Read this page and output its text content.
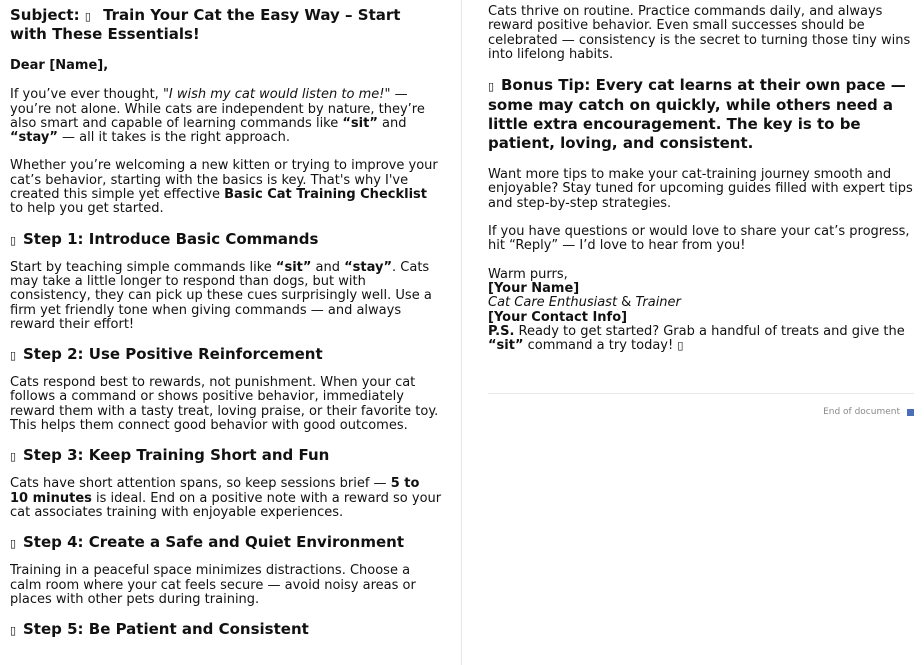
Subject: ▯ Train Your Cat the Easy Way – Start with These Essentials!

Dear [Name],

If you’ve ever thought, "I wish my cat would listen to me!" — you’re not alone. While cats are independent by nature, they’re also smart and capable of learning commands like “sit” and “stay” — all it takes is the right approach.

Whether you’re welcoming a new kitten or trying to improve your cat’s behavior, starting with the basics is key. That's why I've created this simple yet effective Basic Cat Training Checklist to help you get started.

▯ Step 1: Introduce Basic Commands

Start by teaching simple commands like “sit” and “stay”. Cats may take a little longer to respond than dogs, but with consistency, they can pick up these cues surprisingly well. Use a firm yet friendly tone when giving commands — and always reward their effort!

▯ Step 2: Use Positive Reinforcement

Cats respond best to rewards, not punishment. When your cat follows a command or shows positive behavior, immediately reward them with a tasty treat, loving praise, or their favorite toy. This helps them connect good behavior with good outcomes.

▯ Step 3: Keep Training Short and Fun

Cats have short attention spans, so keep sessions brief — 5 to 10 minutes is ideal. End on a positive note with a reward so your cat associates training with enjoyable experiences.

▯ Step 4: Create a Safe and Quiet Environment

Training in a peaceful space minimizes distractions. Choose a calm room where your cat feels secure — avoid noisy areas or places with other pets during training.

▯ Step 5: Be Patient and Consistent

Cats thrive on routine. Practice commands daily, and always reward positive behavior. Even small successes should be celebrated — consistency is the secret to turning those tiny wins into lifelong habits.

▯ Bonus Tip: Every cat learns at their own pace — some may catch on quickly, while others need a little extra encouragement. The key is to be patient, loving, and consistent.

Want more tips to make your cat-training journey smooth and enjoyable? Stay tuned for upcoming guides filled with expert tips and step-by-step strategies.

If you have questions or would love to share your cat’s progress, hit “Reply” — I’d love to hear from you!

Warm purrs,
[Your Name]
Cat Care Enthusiast & Trainer
[Your Contact Info]
P.S. Ready to get started? Grab a handful of treats and give the “sit” command a try today! ▯
End of document
